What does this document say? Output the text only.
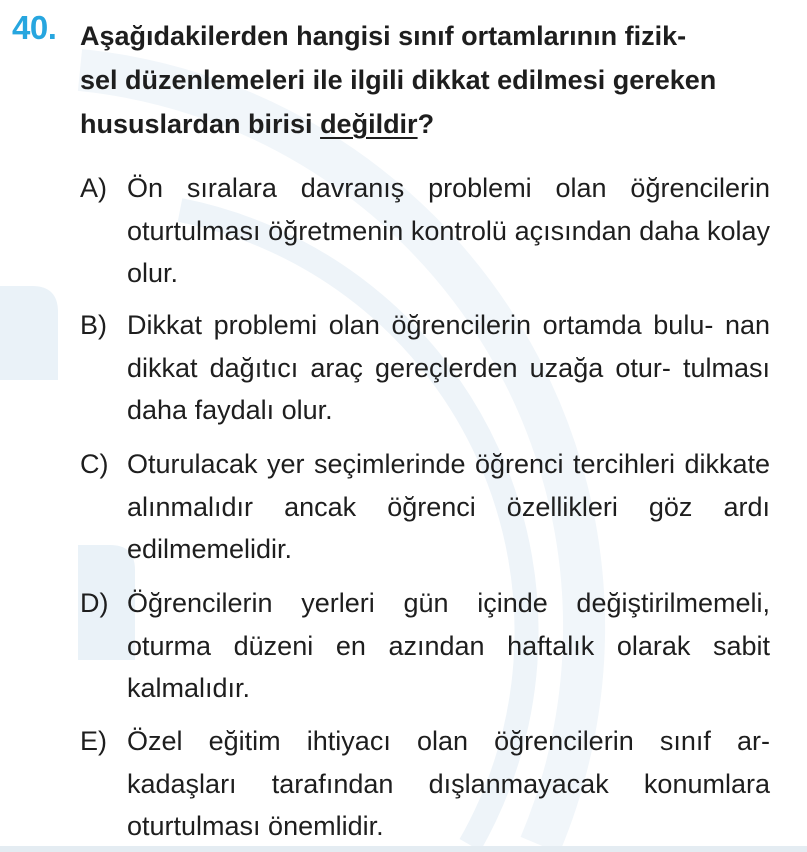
40. Aşağıdakilerden hangisi sınıf ortamlarının fizik-
sel düzenlemeleri ile ilgili dikkat edilmesi gereken
hususlardan birisi değildir?
A) Ön sıralara davranış problemi olan öğrencilerin oturtulması öğretmenin kontrolü açısından daha kolay olur.
B) Dikkat problemi olan öğrencilerin ortamda bulu- nan dikkat dağıtıcı araç gereçlerden uzağa otur- tulması daha faydalı olur.
C) Oturulacak yer seçimlerinde öğrenci tercihleri dikkate alınmalıdır ancak öğrenci özellikleri göz ardı edilmemelidir.
D) Öğrencilerin yerleri gün içinde değiştirilmemeli, oturma düzeni en azından haftalık olarak sabit kalmalıdır.
E) Özel eğitim ihtiyacı olan öğrencilerin sınıf ar- kadaşları tarafından dışlanmayacak konumlara oturtulması önemlidir.
